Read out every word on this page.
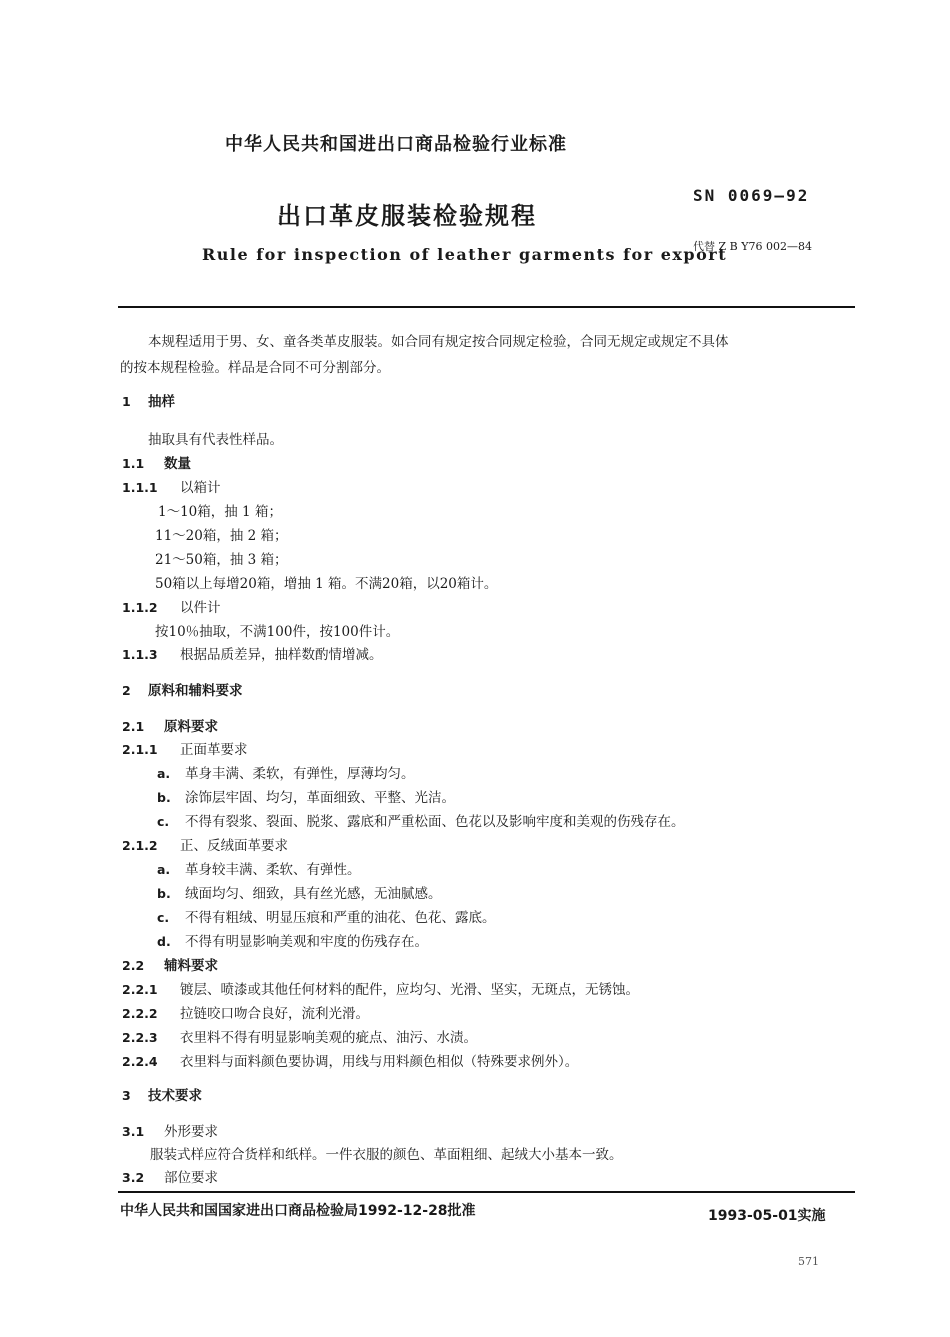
中华人民共和国进出口商品检验行业标准
出口革皮服装检验规程
Rule for inspection of leather garments for export
SN 0069—92
代替 Z B Y76 002—84
本规程适用于男、女、童各类革皮服装。如合同有规定按合同规定检验，合同无规定或规定不具体
的按本规程检验。样品是合同不可分割部分。
1 抽样
抽取具有代表性样品。
1.1 数量
1.1.1 以箱计
1～10箱，抽 1 箱；
11～20箱，抽 2 箱；
21～50箱，抽 3 箱；
50箱以上每增20箱，增抽 1 箱。不满20箱，以20箱计。
1.1.2 以件计
按10％抽取，不满100件，按100件计。
1.1.3 根据品质差异，抽样数酌情增减。
2 原料和辅料要求
2.1 原料要求
2.1.1 正面革要求
a. 革身丰满、柔软，有弹性，厚薄均匀。
b. 涂饰层牢固、均匀，革面细致、平整、光洁。
c. 不得有裂浆、裂面、脱浆、露底和严重松面、色花以及影响牢度和美观的伤残存在。
2.1.2 正、反绒面革要求
a. 革身较丰满、柔软、有弹性。
b. 绒面均匀、细致，具有丝光感，无油腻感。
c. 不得有粗绒、明显压痕和严重的油花、色花、露底。
d. 不得有明显影响美观和牢度的伤残存在。
2.2 辅料要求
2.2.1 镀层、喷漆或其他任何材料的配件，应均匀、光滑、坚实，无斑点，无锈蚀。
2.2.2 拉链咬口吻合良好，流利光滑。
2.2.3 衣里料不得有明显影响美观的疵点、油污、水渍。
2.2.4 衣里料与面料颜色要协调，用线与用料颜色相似（特殊要求例外）。
3 技术要求
3.1 外形要求
服装式样应符合货样和纸样。一件衣服的颜色、革面粗细、起绒大小基本一致。
3.2 部位要求
中华人民共和国国家进出口商品检验局1992-12-28批准	1993-05-01实施
571
